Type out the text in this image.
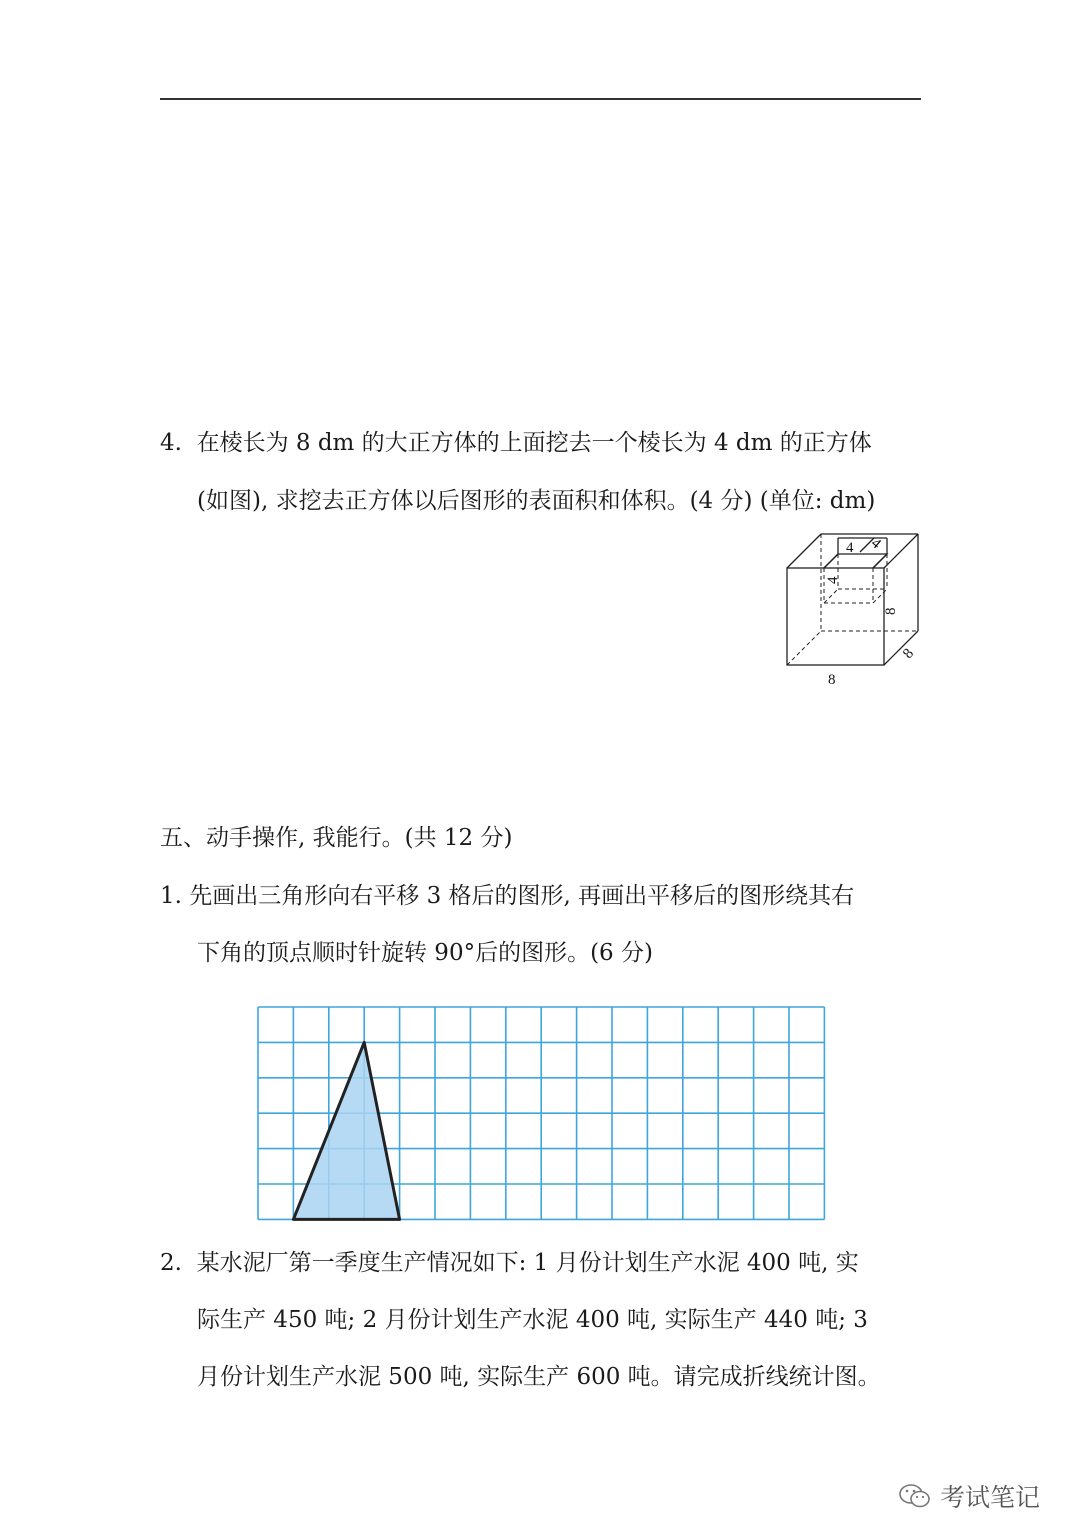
4. 在棱长为 8 dm 的大正方体的上面挖去一个棱长为 4 dm 的正方体
(如图), 求挖去正方体以后图形的表面积和体积。(4 分) (单位: dm)
4 4
4
8
8
8
五、动手操作, 我能行。(共 12 分)
1. 先画出三角形向右平移 3 格后的图形, 再画出平移后的图形绕其右
下角的顶点顺时针旋转 90°后的图形。(6 分)
2. 某水泥厂第一季度生产情况如下: 1 月份计划生产水泥 400 吨, 实
际生产 450 吨; 2 月份计划生产水泥 400 吨, 实际生产 440 吨; 3
月份计划生产水泥 500 吨, 实际生产 600 吨。请完成折线统计图。
考试笔记
